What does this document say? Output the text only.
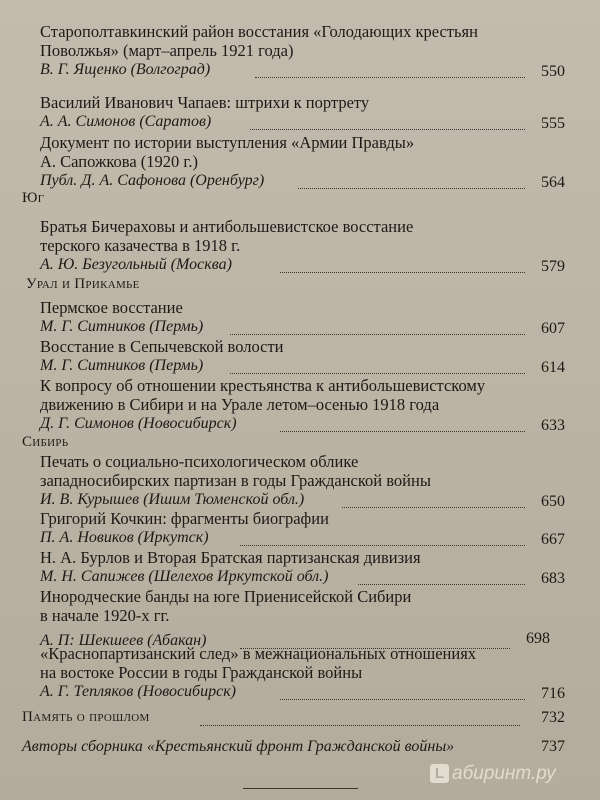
Старополтавкинский район восстания «Голодающих крестьян
Поволжья» (март–апрель 1921 года)
В. Г. Ященко (Волгоград)	550
Василий Иванович Чапаев: штрихи к портрету
А. А. Симонов (Саратов)	555
Документ по истории выступления «Армии Правды»
А. Сапожкова (1920 г.)
Публ. Д. А. Сафонова (Оренбург)	564
Юг
Братья Бичераховы и антибольшевистское восстание
терского казачества в 1918 г.
А. Ю. Безугольный (Москва)	579
Урал и Прикамье
Пермское восстание
М. Г. Ситников (Пермь)	607
Восстание в Сепычевской волости
М. Г. Ситников (Пермь)	614
К вопросу об отношении крестьянства к антибольшевистскому
движению в Сибири и на Урале летом–осенью 1918 года
Д. Г. Симонов (Новосибирск)	633
Сибирь
Печать о социально-психологическом облике
западносибирских партизан в годы Гражданской войны
И. В. Курышев (Ишим Тюменской обл.)	650
Григорий Кочкин: фрагменты биографии
П. А. Новиков (Иркутск)	667
Н. А. Бурлов и Вторая Братская партизанская дивизия
М. Н. Сапижев (Шелехов Иркутской обл.)	683
Инородческие банды на юге Приенисейской Сибири
в начале 1920-х гг.
А. П: Шекшеев (Абакан)	698
«Краснопартизанский след» в межнациональных отношениях
на востоке России в годы Гражданской войны
А. Г. Тепляков (Новосибирск)	716
Память о прошлом	732
Авторы сборника «Крестьянский фронт Гражданской войны»	737
L абиринт.ру
